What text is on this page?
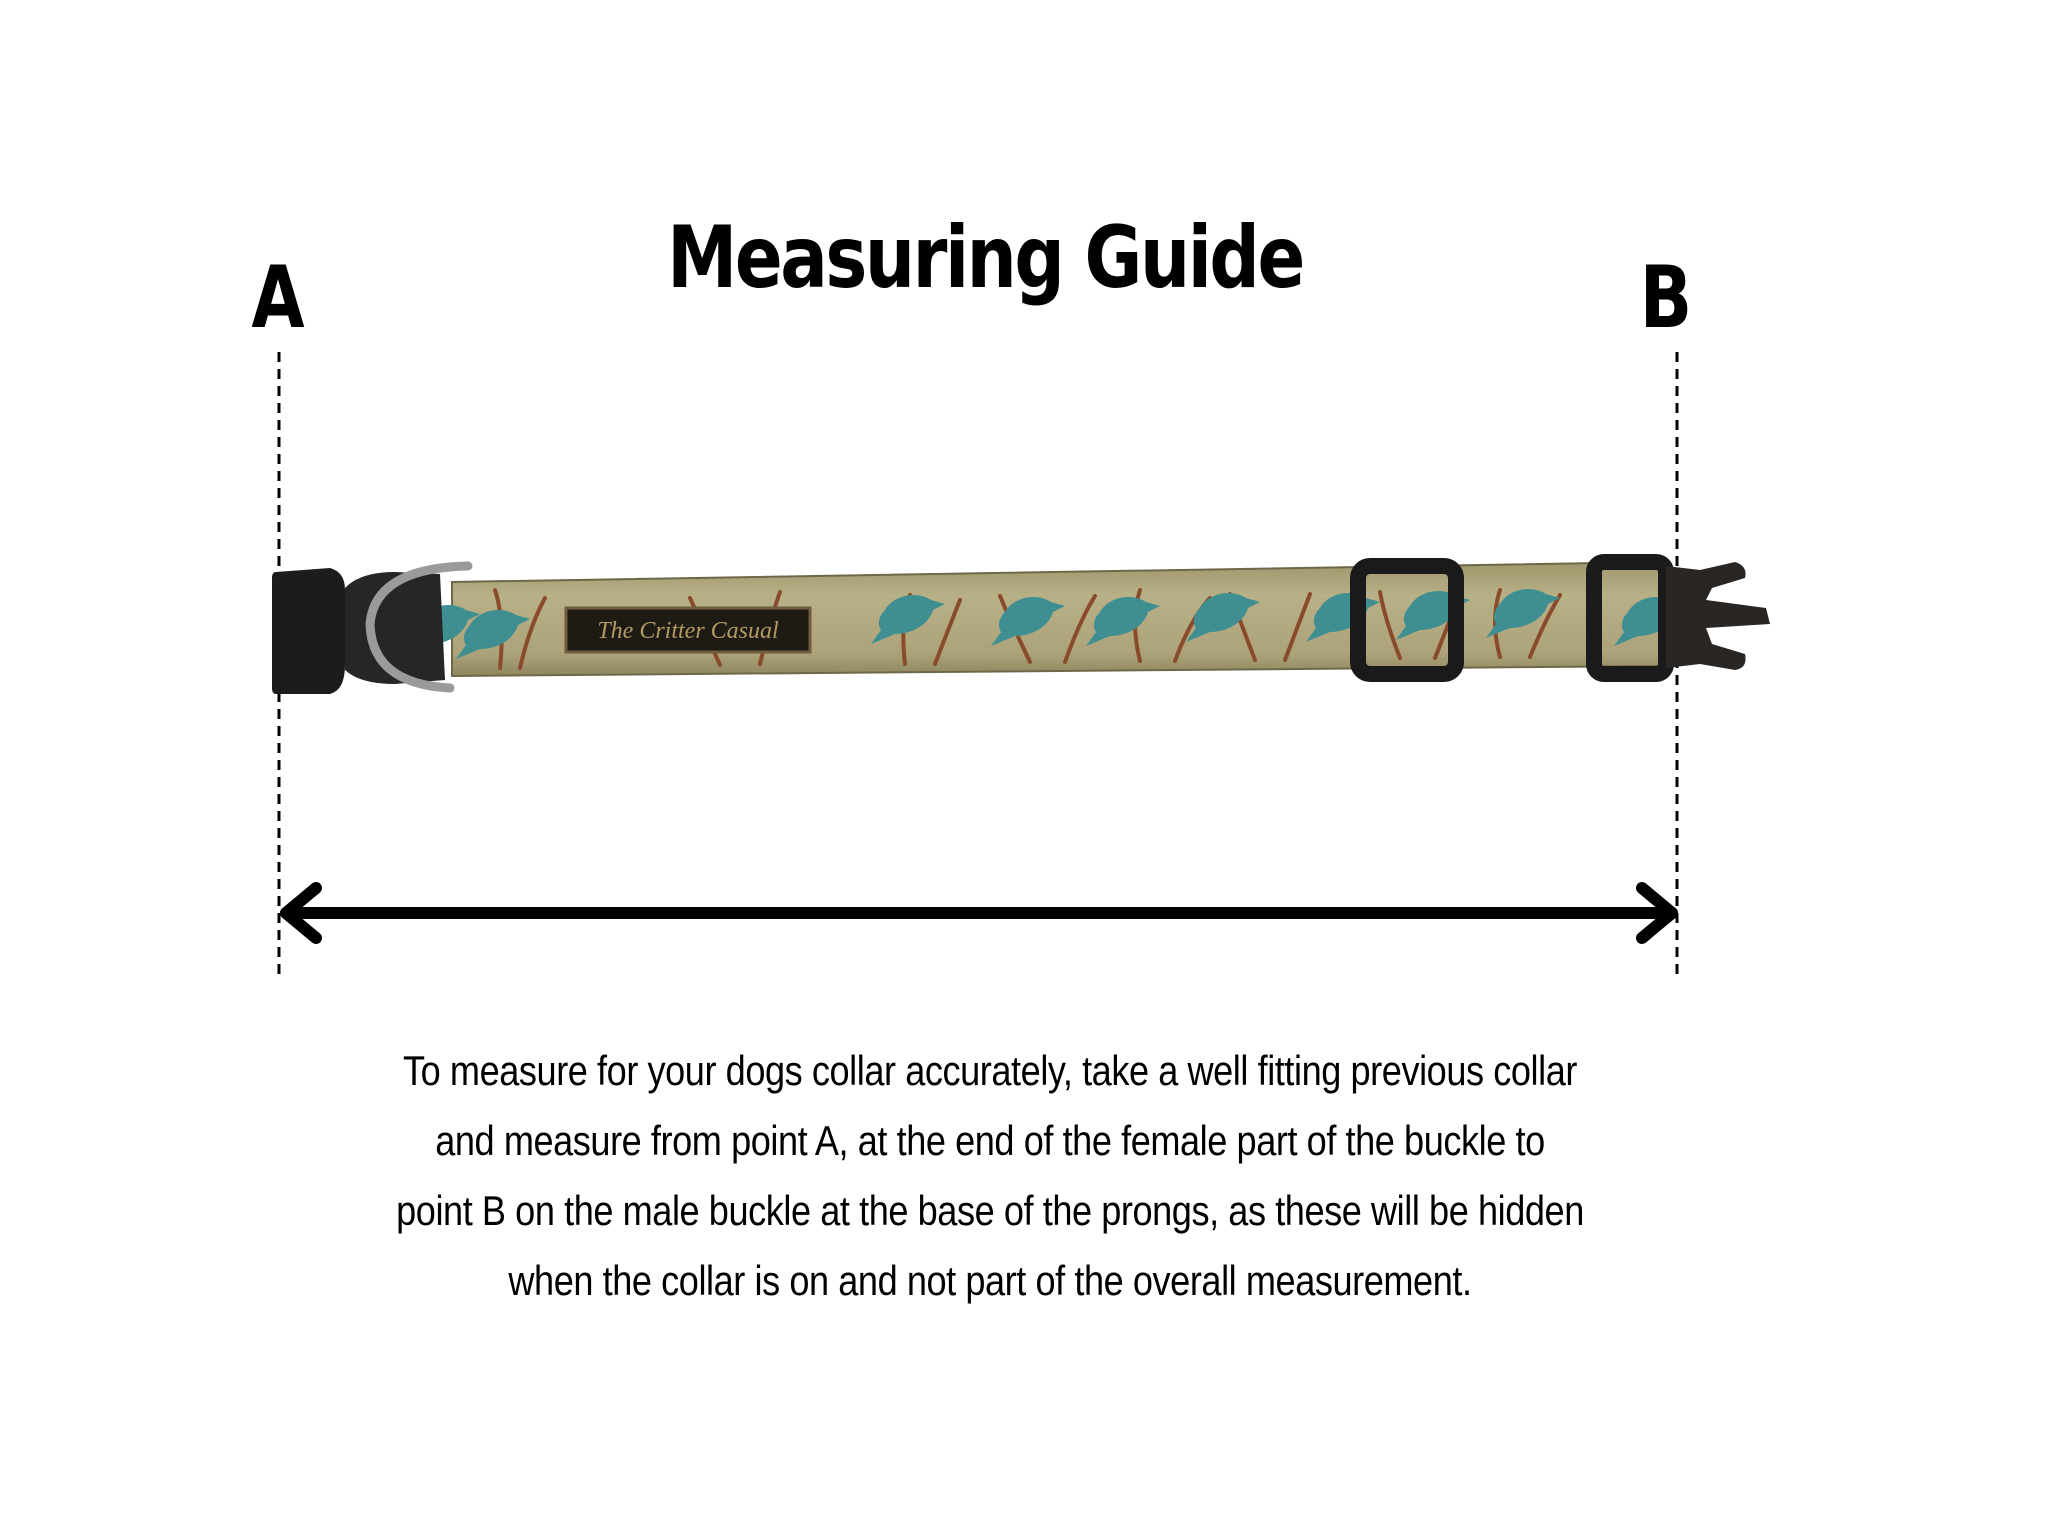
Measuring Guide
A	B
The Critter Casual
To measure for your dogs collar accurately, take a well fitting previous collar
and measure from point A, at the end of the female part of the buckle to
point B on the male buckle at the base of the prongs, as these will be hidden
when the collar is on and not part of the overall measurement.
